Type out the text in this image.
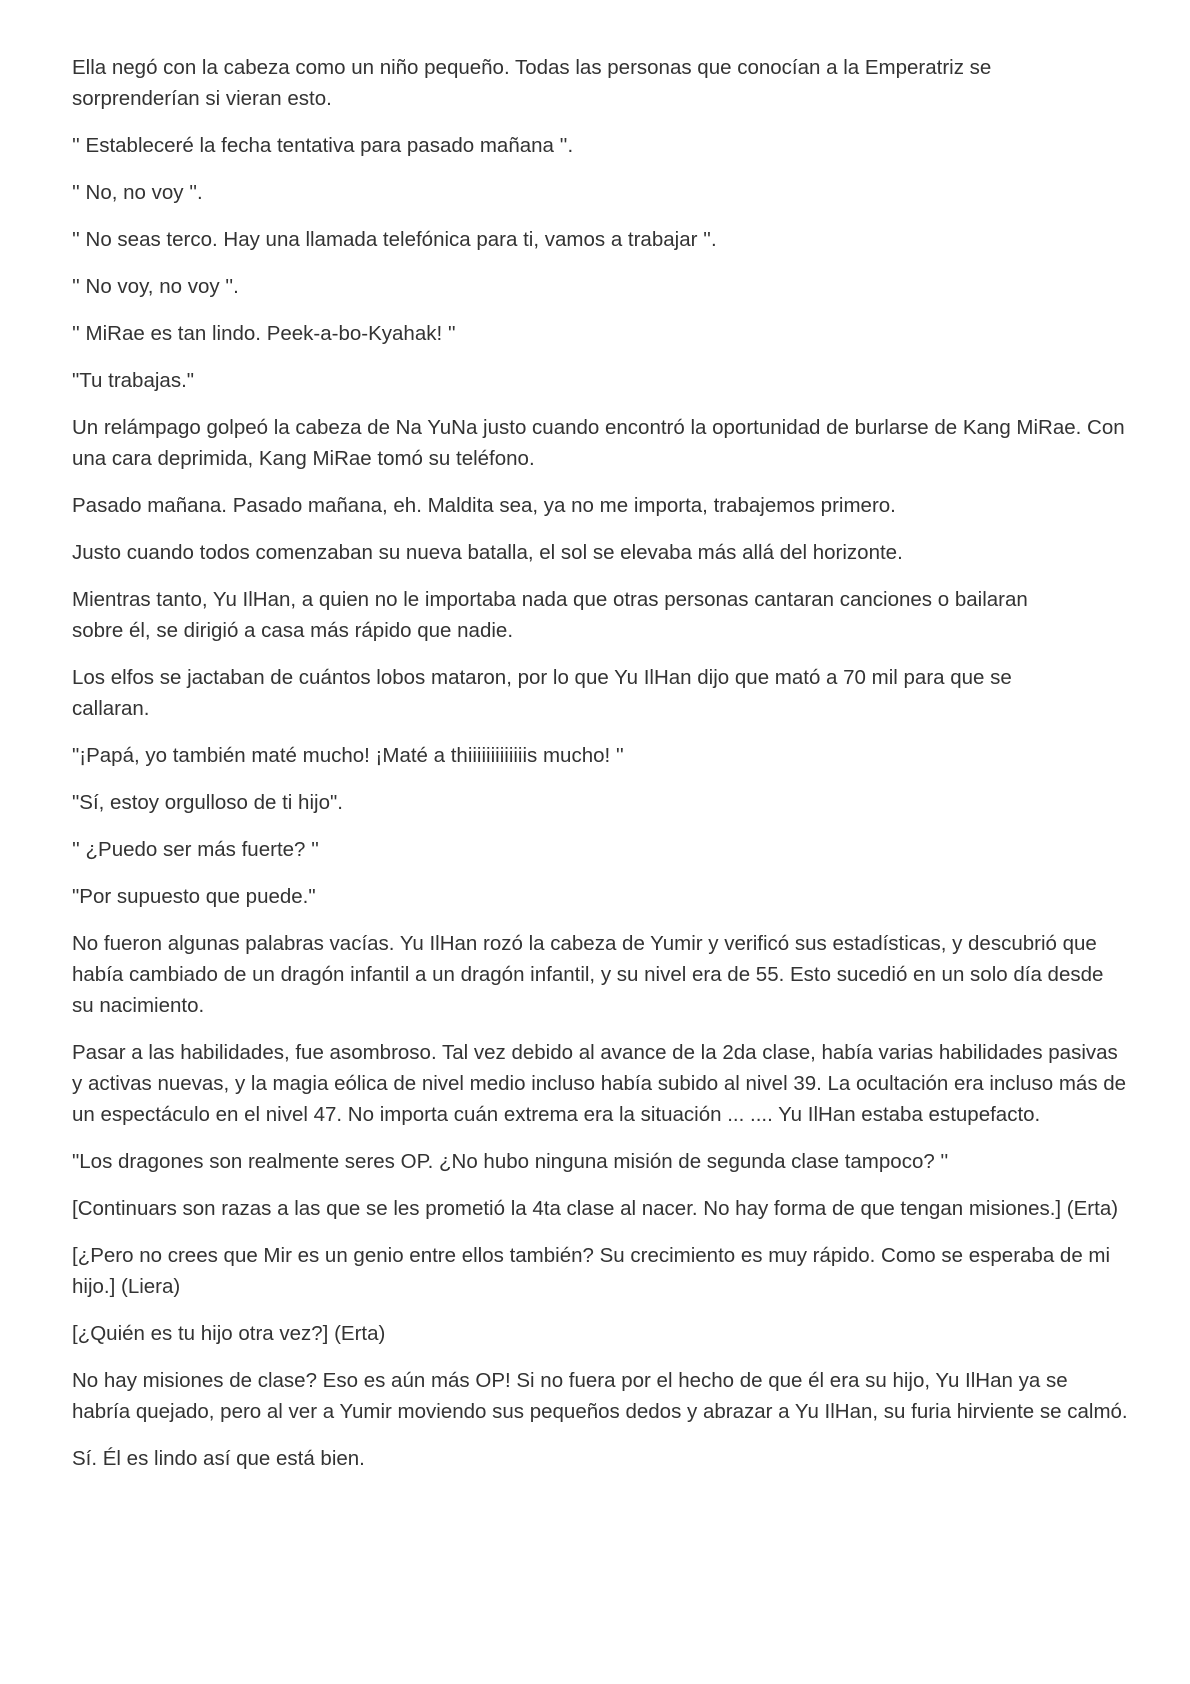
Ella negó con la cabeza como un niño pequeño. Todas las personas que conocían a la Emperatriz se sorprenderían si vieran esto.

'' Estableceré la fecha tentativa para pasado mañana ''.

'' No, no voy ''.

'' No seas terco. Hay una llamada telefónica para ti, vamos a trabajar ''.

'' No voy, no voy ''.

'' MiRae es tan lindo. Peek-a-bo-Kyahak! ''

"Tu trabajas."

Un relámpago golpeó la cabeza de Na YuNa justo cuando encontró la oportunidad de burlarse de Kang MiRae. Con una cara deprimida, Kang MiRae tomó su teléfono.

Pasado mañana. Pasado mañana, eh. Maldita sea, ya no me importa, trabajemos primero.

Justo cuando todos comenzaban su nueva batalla, el sol se elevaba más allá del horizonte.

Mientras tanto, Yu IlHan, a quien no le importaba nada que otras personas cantaran canciones o bailaran sobre él, se dirigió a casa más rápido que nadie.

Los elfos se jactaban de cuántos lobos mataron, por lo que Yu IlHan dijo que mató a 70 mil para que se callaran.

"¡Papá, yo también maté mucho! ¡Maté a thiiiiiiiiiiiiis mucho! ''

"Sí, estoy orgulloso de ti hijo".

'' ¿Puedo ser más fuerte? ''

"Por supuesto que puede."

No fueron algunas palabras vacías. Yu IlHan rozó la cabeza de Yumir y verificó sus estadísticas, y descubrió que había cambiado de un dragón infantil a un dragón infantil, y su nivel era de 55. Esto sucedió en un solo día desde su nacimiento.

Pasar a las habilidades, fue asombroso. Tal vez debido al avance de la 2da clase, había varias habilidades pasivas y activas nuevas, y la magia eólica de nivel medio incluso había subido al nivel 39. La ocultación era incluso más de un espectáculo en el nivel 47. No importa cuán extrema era la situación ... .... Yu IlHan estaba estupefacto.

"Los dragones son realmente seres OP. ¿No hubo ninguna misión de segunda clase tampoco? ''

[Continuars son razas a las que se les prometió la 4ta clase al nacer. No hay forma de que tengan misiones.] (Erta)

[¿Pero no crees que Mir es un genio entre ellos también? Su crecimiento es muy rápido. Como se esperaba de mi hijo.] (Liera)

[¿Quién es tu hijo otra vez?] (Erta)

No hay misiones de clase? Eso es aún más OP! Si no fuera por el hecho de que él era su hijo, Yu IlHan ya se habría quejado, pero al ver a Yumir moviendo sus pequeños dedos y abrazar a Yu IlHan, su furia hirviente se calmó.

Sí. Él es lindo así que está bien.
